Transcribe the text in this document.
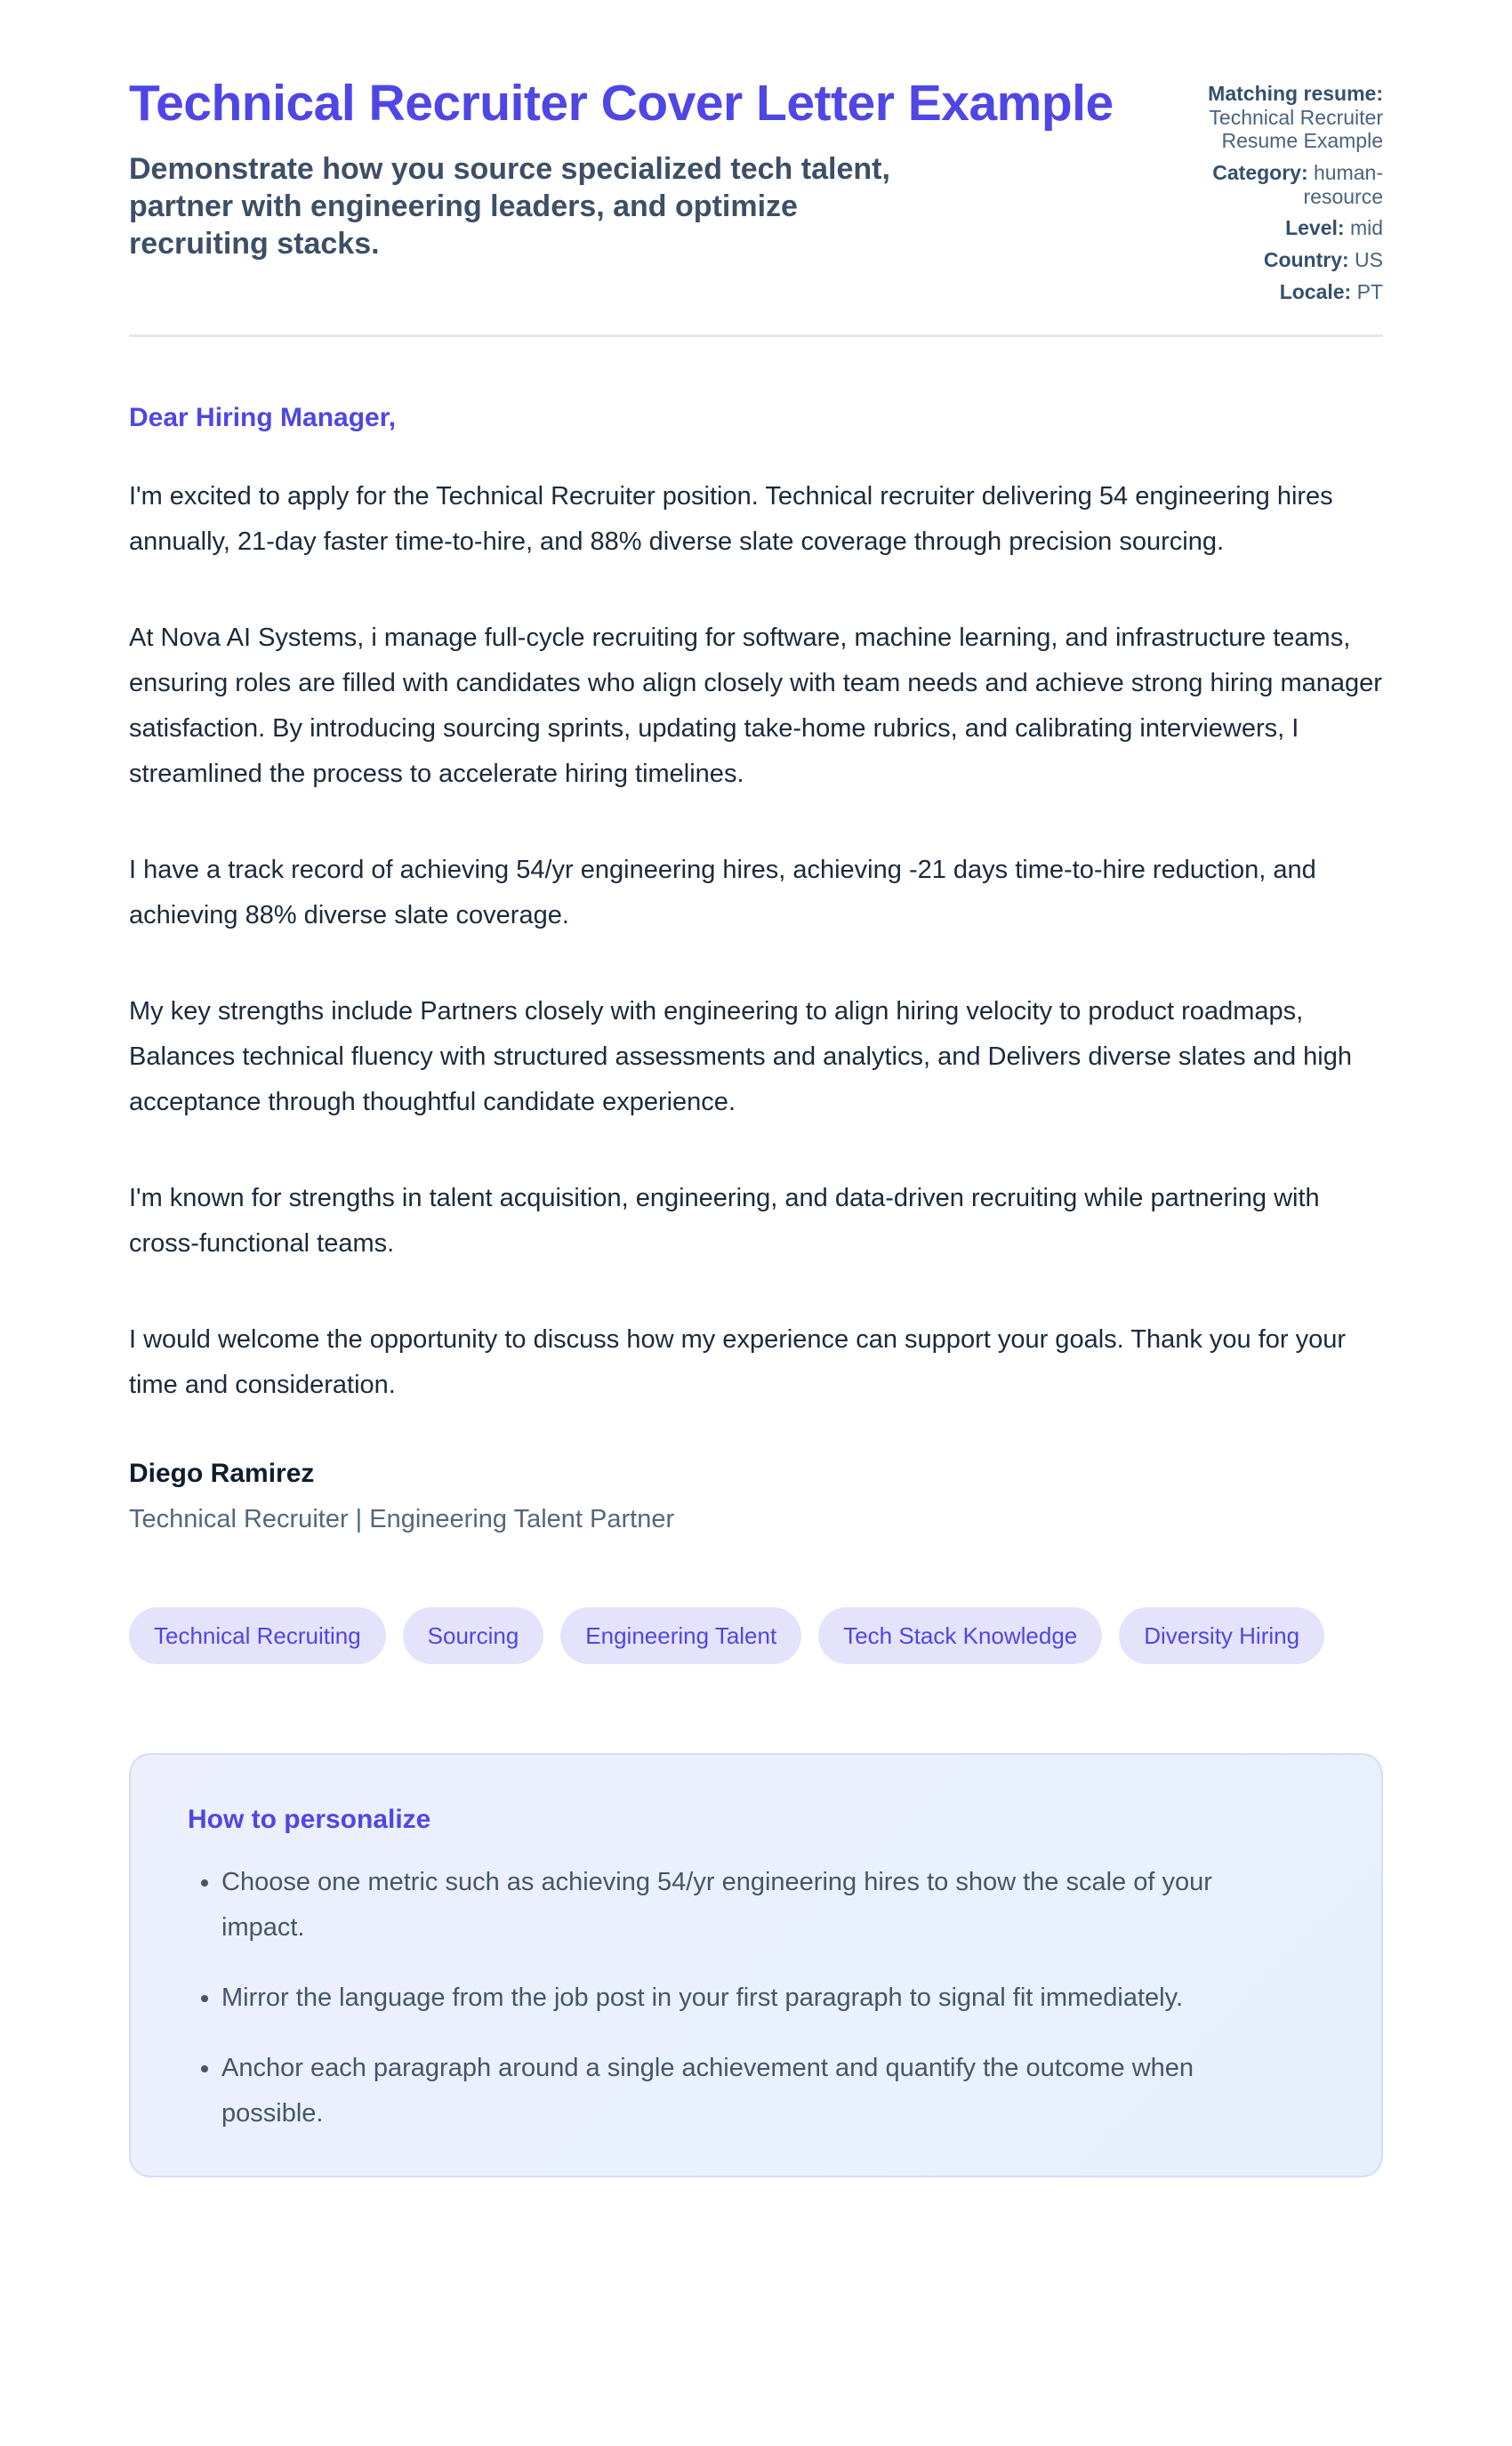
Technical Recruiter Cover Letter Example

Demonstrate how you source specialized tech talent, partner with engineering leaders, and optimize recruiting stacks.

Matching resume: Technical Recruiter Resume Example
Category: human-resource
Level: mid
Country: US
Locale: PT

Dear Hiring Manager,

I'm excited to apply for the Technical Recruiter position. Technical recruiter delivering 54 engineering hires annually, 21-day faster time-to-hire, and 88% diverse slate coverage through precision sourcing.

At Nova AI Systems, i manage full-cycle recruiting for software, machine learning, and infrastructure teams, ensuring roles are filled with candidates who align closely with team needs and achieve strong hiring manager satisfaction. By introducing sourcing sprints, updating take-home rubrics, and calibrating interviewers, I streamlined the process to accelerate hiring timelines.

I have a track record of achieving 54/yr engineering hires, achieving -21 days time-to-hire reduction, and achieving 88% diverse slate coverage.

My key strengths include Partners closely with engineering to align hiring velocity to product roadmaps, Balances technical fluency with structured assessments and analytics, and Delivers diverse slates and high acceptance through thoughtful candidate experience.

I'm known for strengths in talent acquisition, engineering, and data-driven recruiting while partnering with cross-functional teams.

I would welcome the opportunity to discuss how my experience can support your goals. Thank you for your time and consideration.

Diego Ramirez

Technical Recruiter | Engineering Talent Partner

Technical Recruiting	Sourcing	Engineering Talent	Tech Stack Knowledge	Diversity Hiring
How to personalize
• Choose one metric such as achieving 54/yr engineering hires to show the scale of your impact.
• Mirror the language from the job post in your first paragraph to signal fit immediately.
• Anchor each paragraph around a single achievement and quantify the outcome when possible.
